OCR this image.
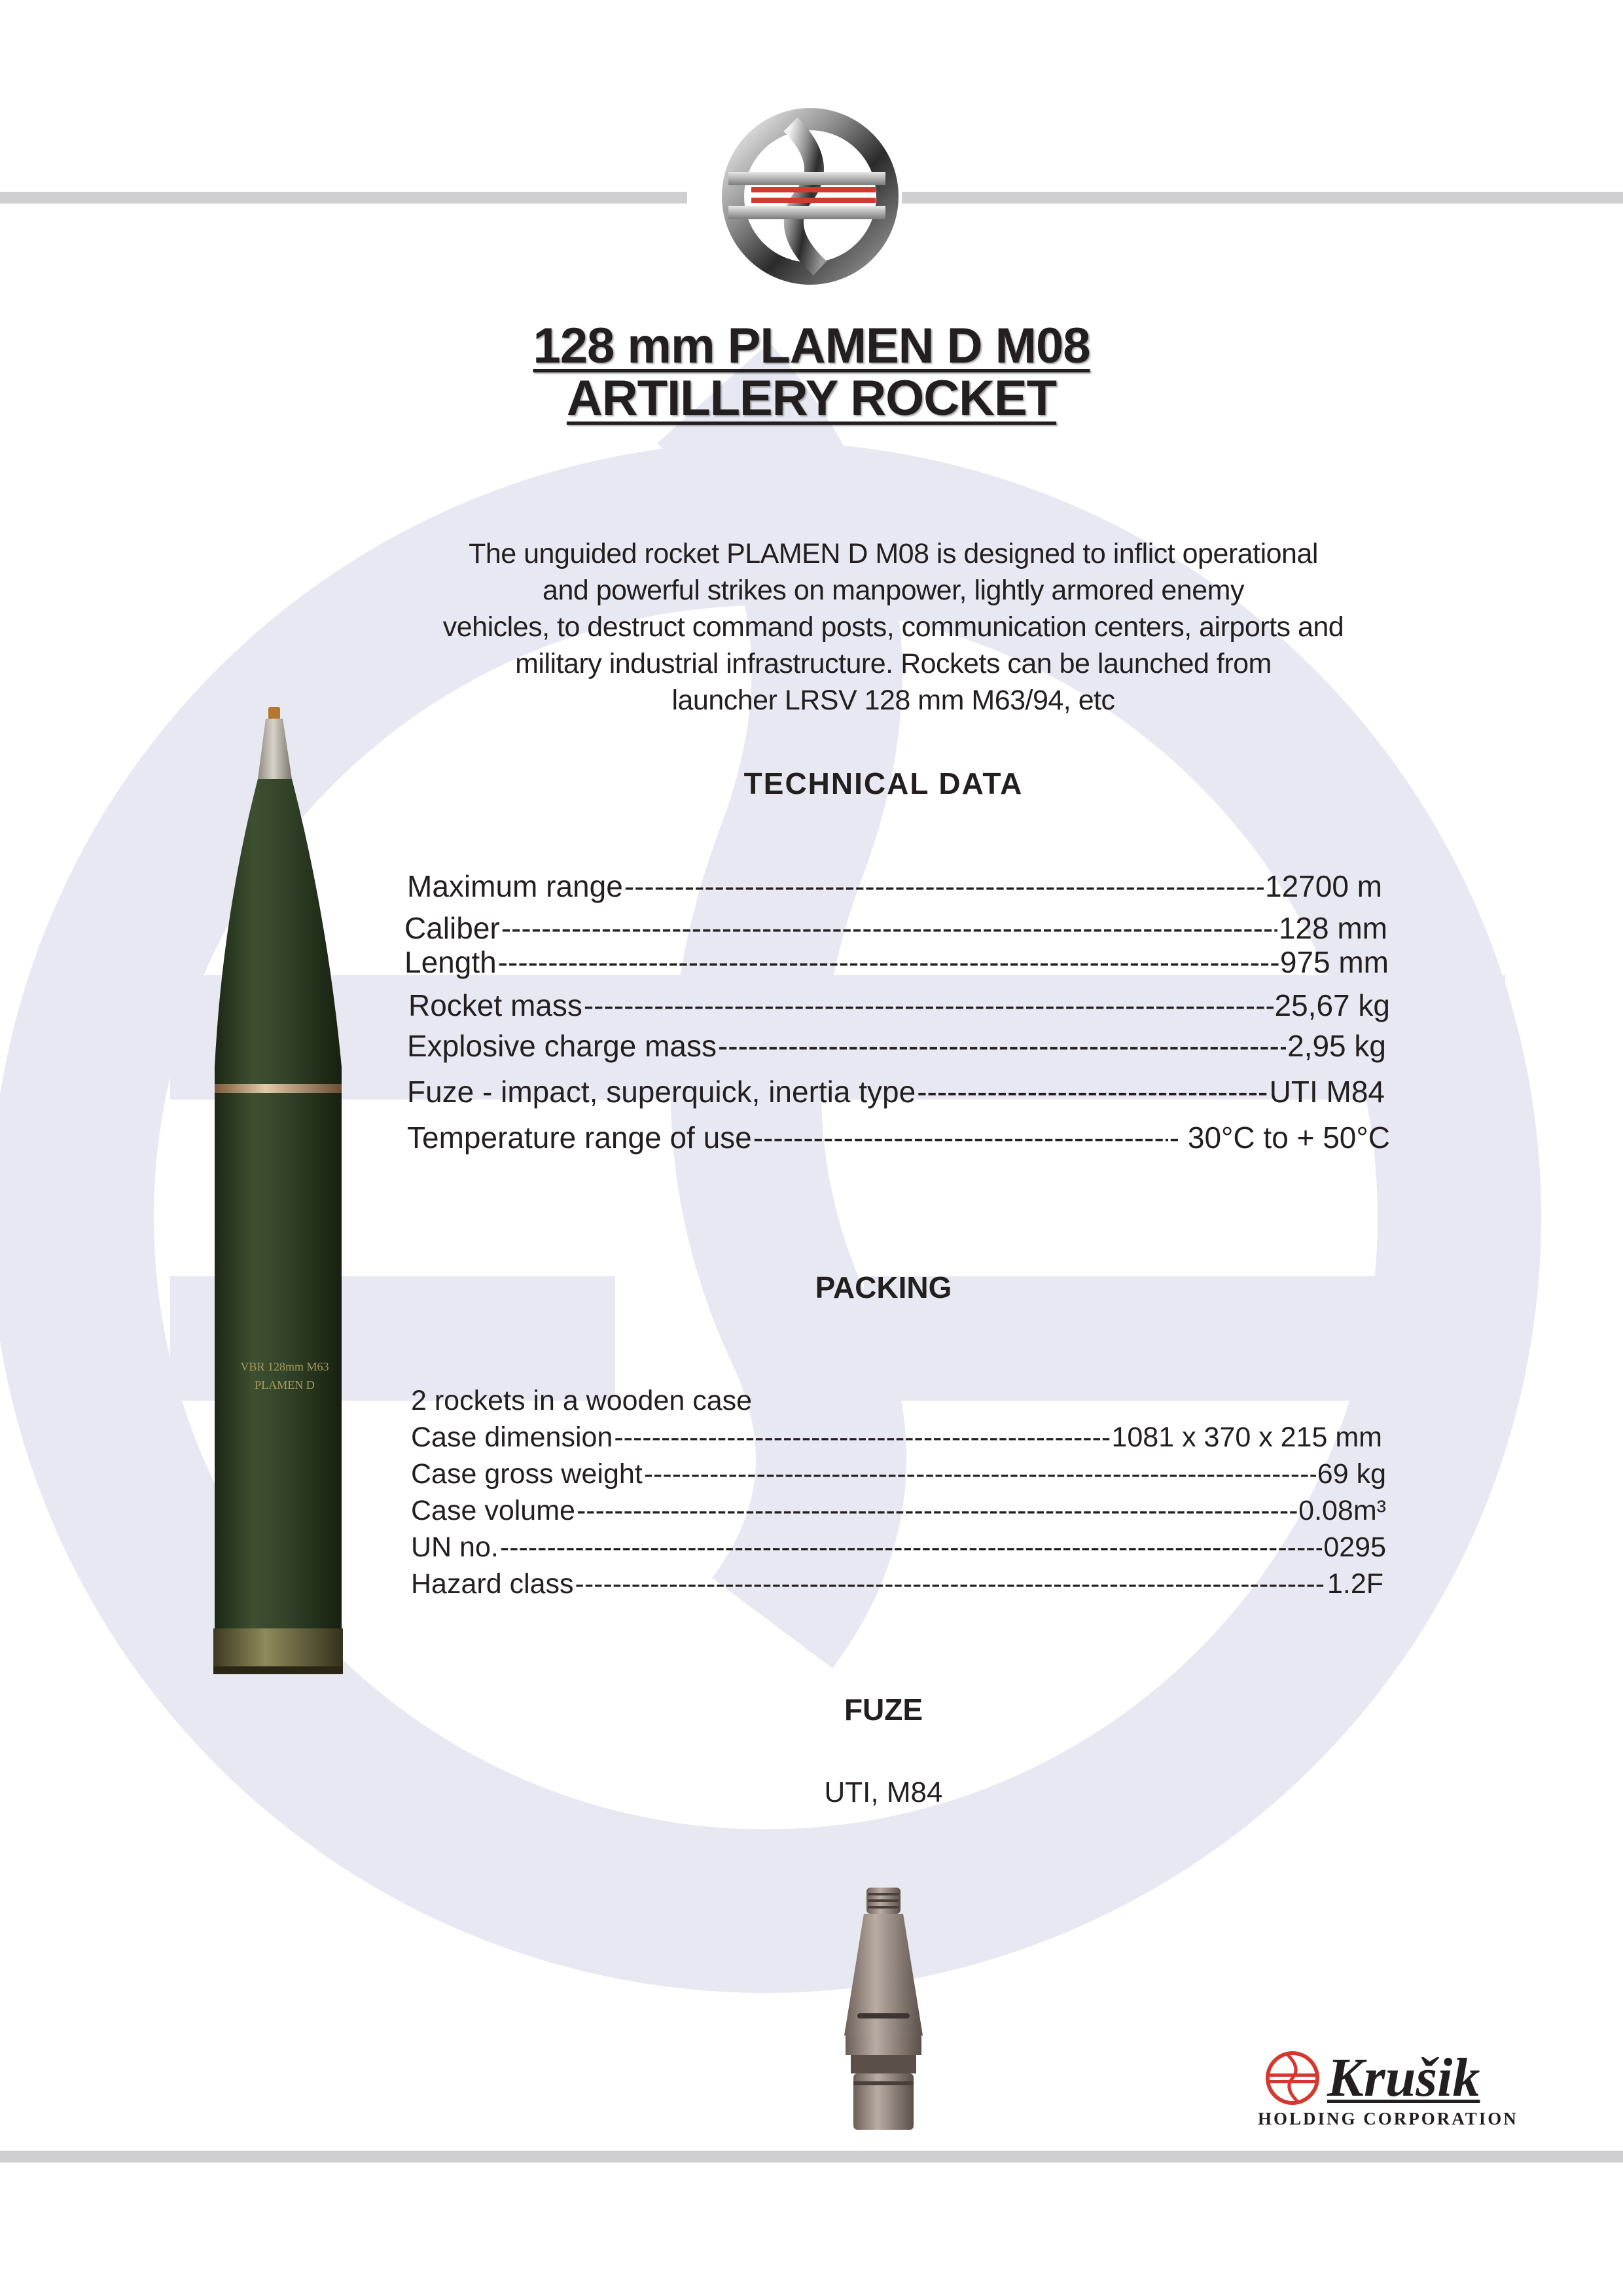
128 mm PLAMEN D M08
ARTILLERY ROCKET
The unguided rocket PLAMEN D M08 is designed to inflict operational
and powerful strikes on manpower, lightly armored enemy
vehicles, to destruct command posts, communication centers, airports and
military industrial infrastructure. Rockets can be launched from
launcher LRSV 128 mm M63/94, etc
TECHNICAL DATA
Maximum range -----	12700 m
Caliber -----	128 mm
Length -----	975 mm
Rocket mass -----	25,67 kg
Explosive charge mass -----	2,95 kg
Fuze - impact, superquick, inertia type -----	UTI M84
Temperature range of use -----	- 30°C to + 50°C
PACKING
2 rockets in a wooden case
Case dimension -----	1081 x 370 x 215 mm
Case gross weight -----	69 kg
Case volume -----	0.08m³
UN no. -----	0295
Hazard class -----	1.2F
FUZE
UTI, M84
VBR 128mm M63
PLAMEN D
Krušik
HOLDING CORPORATION
